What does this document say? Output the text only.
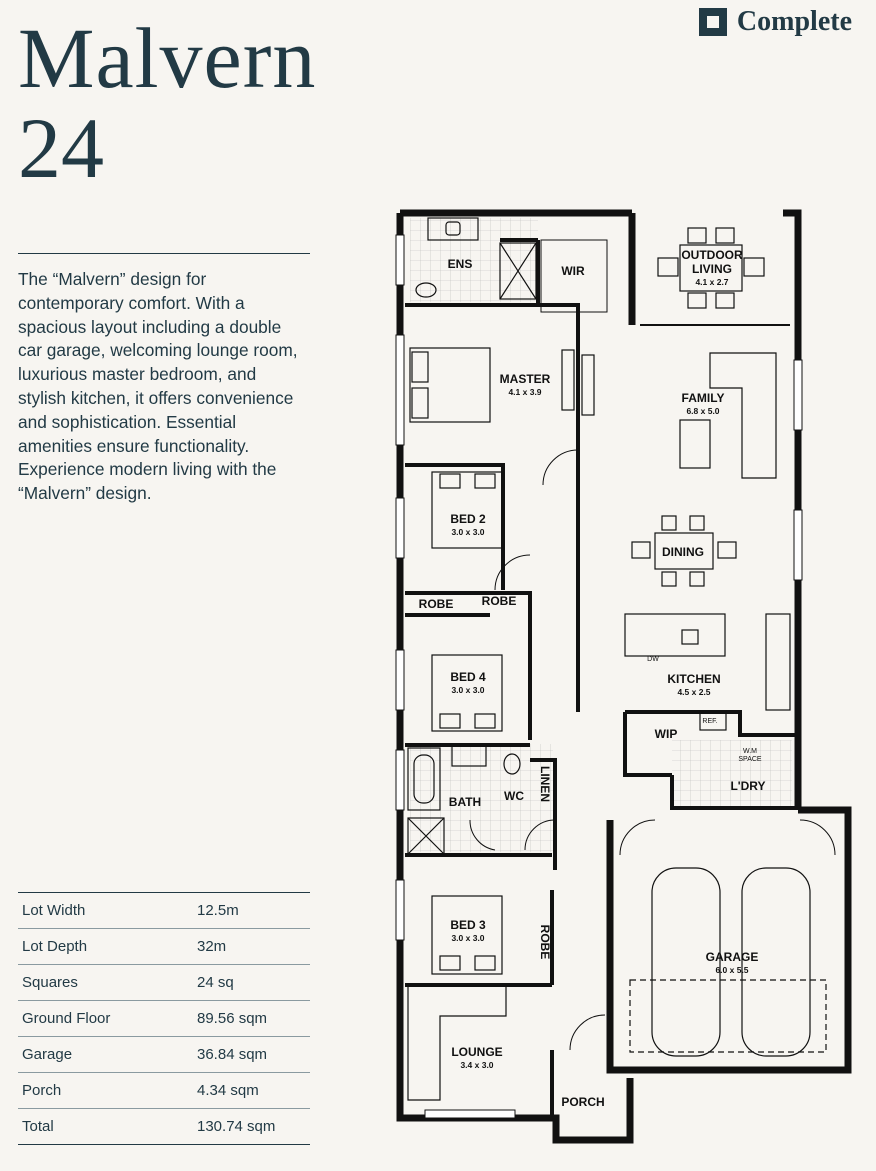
Malvern
24
Complete
The “Malvern” design for contemporary comfort. With a spacious layout including a double car garage, welcoming lounge room, luxurious master bedroom, and stylish kitchen, it offers convenience and sophistication. Essential amenities ensure functionality. Experience modern living with the “Malvern” design.
Lot Width	12.5m
Lot Depth	32m
Squares	24 sq
Ground Floor	89.56 sqm
Garage	36.84 sqm
Porch	4.34 sqm
Total	130.74 sqm
ENS	WIR
OUTDOOR
LIVING
4.1 x 2.7
MASTER
4.1 x 3.9	FAMILY
6.8 x 5.0
BED 2
3.0 x 3.0
DINING
ROBE ROBE
DW
BED 4
3.0 x 3.0
KITCHEN
4.5 x 2.5
REF.
WIP
W.M
SPACE
L'DRY
LINEN
BATH WC
BED 3
3.0 x 3.0	ROBE	GARAGE
6.0 x 5.5
LOUNGE
3.4 x 3.0
PORCH
